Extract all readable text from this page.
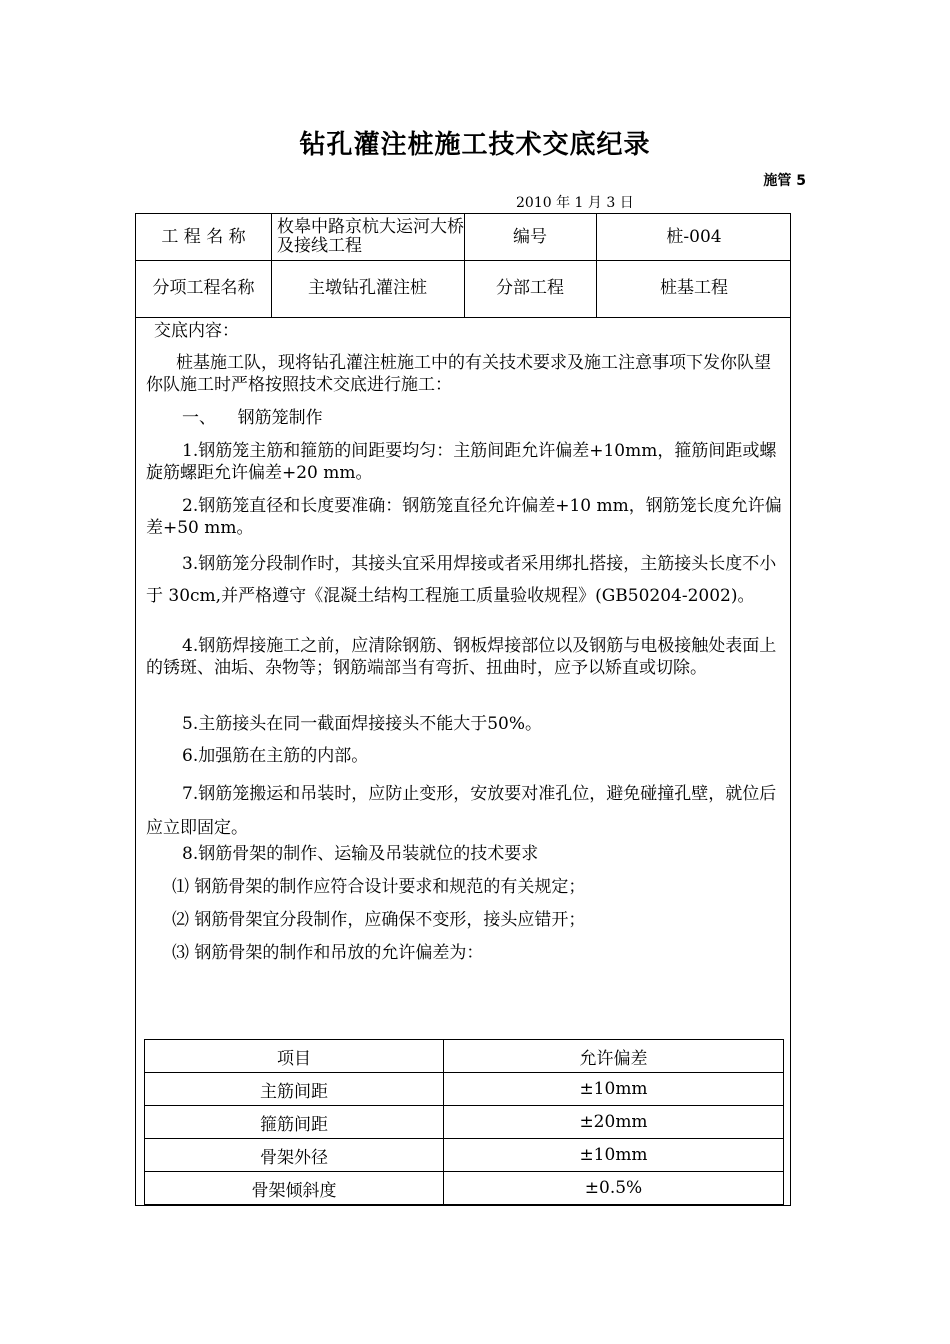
钻孔灌注桩施工技术交底纪录
施管 5
2010 年 1 月 3 日
工 程 名 称	枚皋中路京杭大运河大桥及接线工程	编号	桩-004
分项工程名称	主墩钻孔灌注桩	分部工程	桩基工程
交底内容：
桩基施工队，现将钻孔灌注桩施工中的有关技术要求及施工注意事项下发你队望你队施工时严格按照技术交底进行施工：
一、    钢筋笼制作
1.钢筋笼主筋和箍筋的间距要均匀：主筋间距允许偏差+10mm，箍筋间距或螺旋筋螺距允许偏差+20 mm。
2.钢筋笼直径和长度要准确：钢筋笼直径允许偏差+10 mm，钢筋笼长度允许偏差+50 mm。
3.钢筋笼分段制作时，其接头宜采用焊接或者采用绑扎搭接，主筋接头长度不小于 30cm,并严格遵守《混凝土结构工程施工质量验收规程》(GB50204-2002)。
4.钢筋焊接施工之前，应清除钢筋、钢板焊接部位以及钢筋与电极接触处表面上的锈斑、油垢、杂物等；钢筋端部当有弯折、扭曲时，应予以矫直或切除。
5.主筋接头在同一截面焊接接头不能大于50%。
6.加强筋在主筋的内部。
7.钢筋笼搬运和吊装时，应防止变形，安放要对准孔位，避免碰撞孔壁，就位后应立即固定。
8.钢筋骨架的制作、运输及吊装就位的技术要求
⑴ 钢筋骨架的制作应符合设计要求和规范的有关规定；
⑵ 钢筋骨架宜分段制作，应确保不变形，接头应错开；
⑶ 钢筋骨架的制作和吊放的允许偏差为：
项目	允许偏差
主筋间距	±10mm
箍筋间距	±20mm
骨架外径	±10mm
骨架倾斜度	±0.5%
